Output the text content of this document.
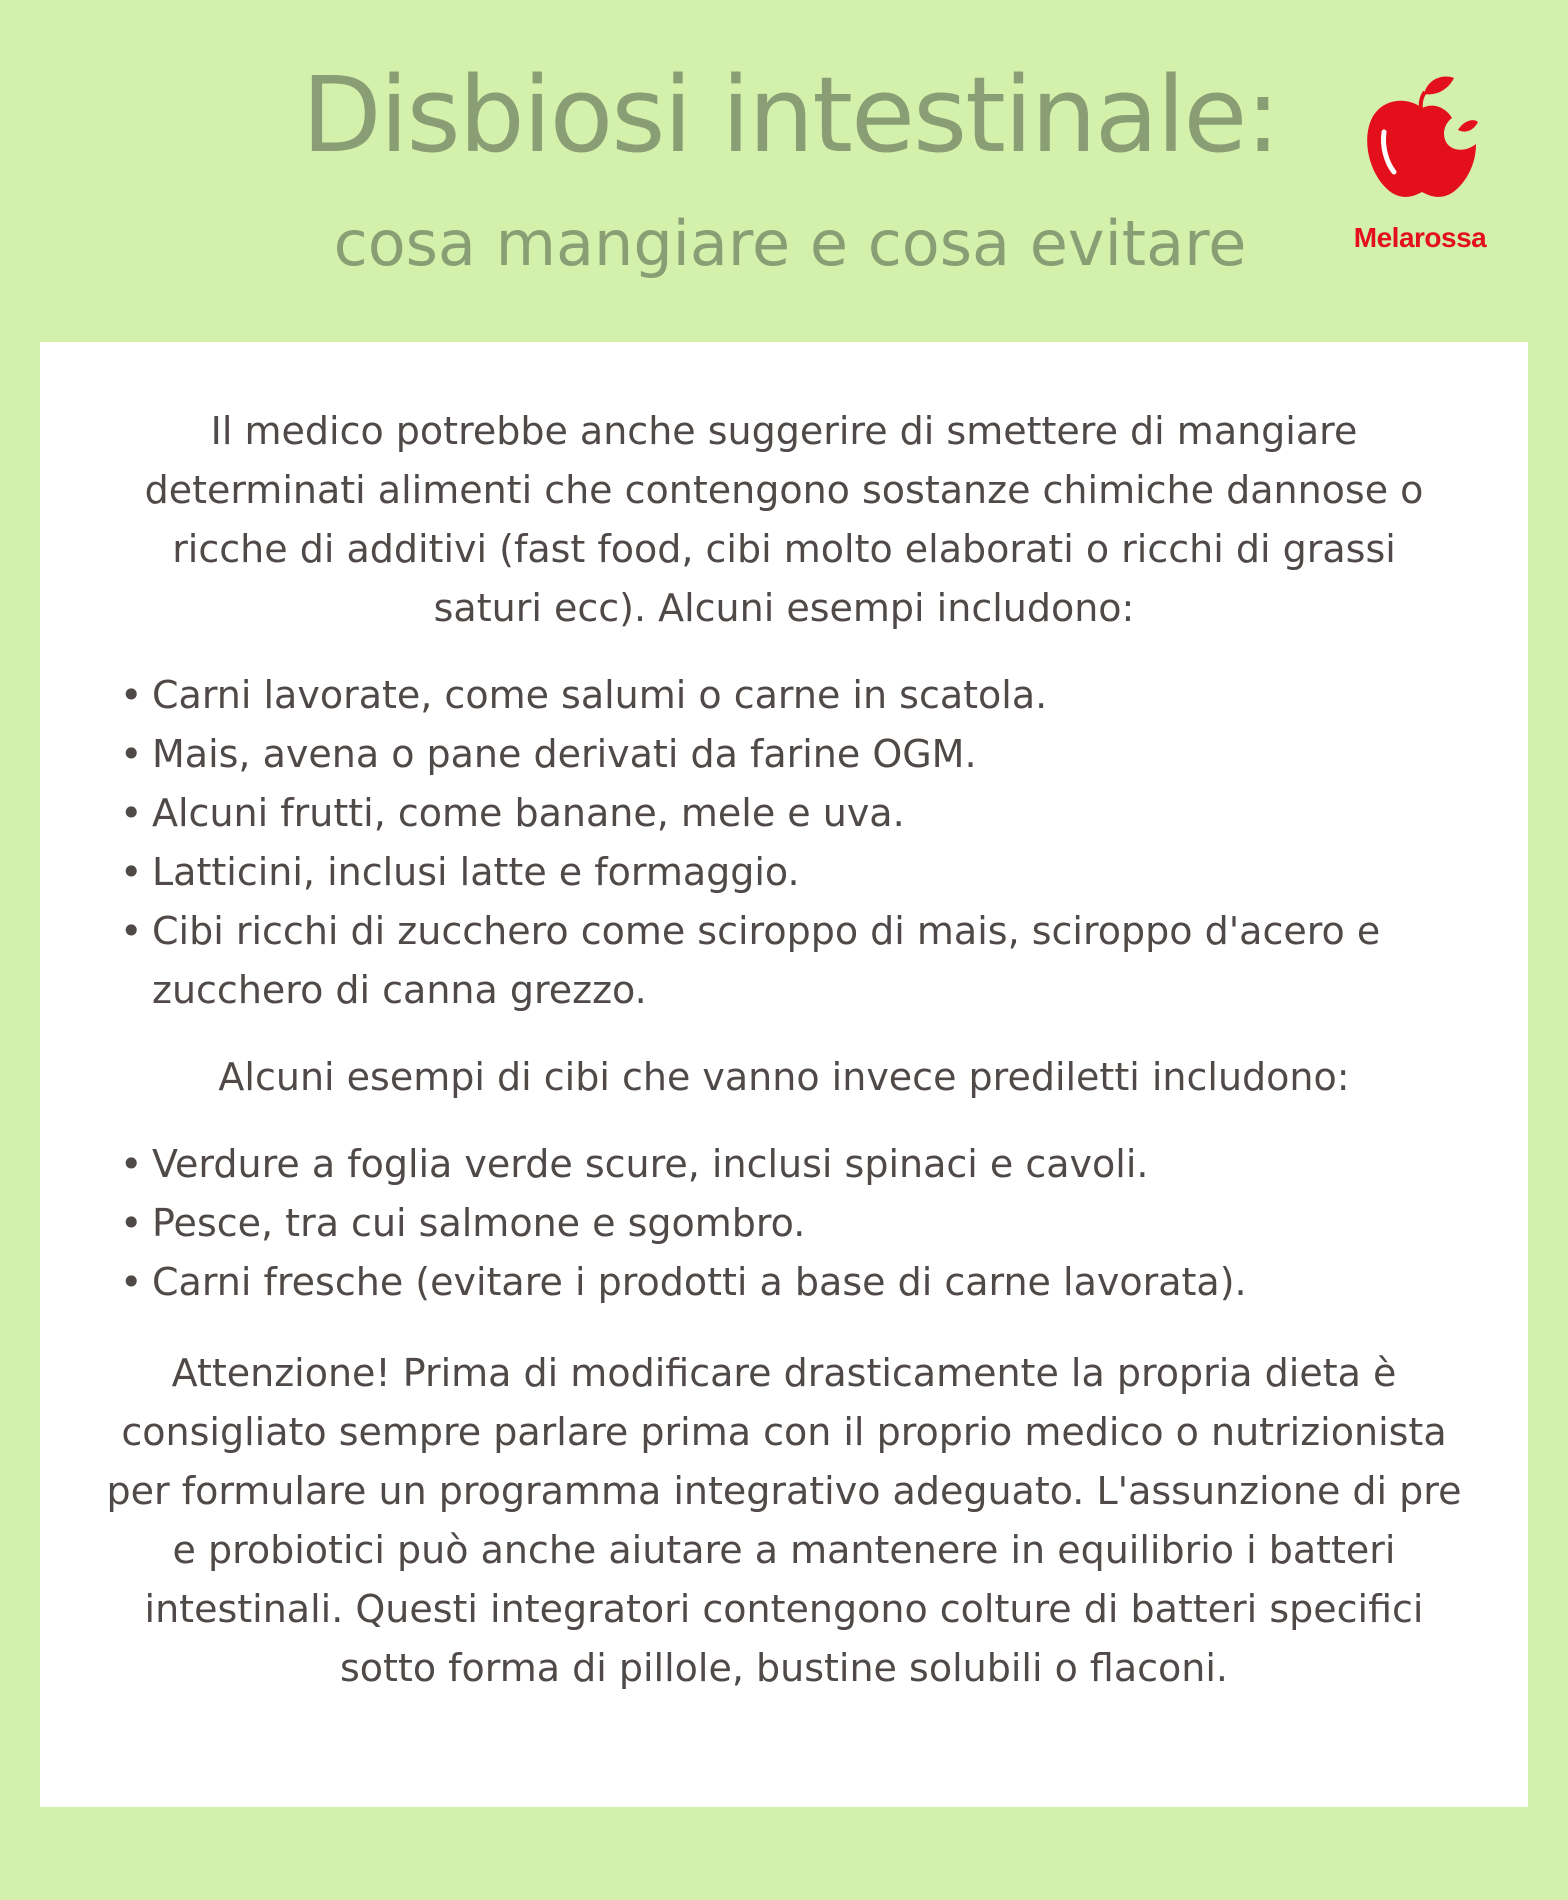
Disbiosi intestinale:
cosa mangiare e cosa evitare	Melarossa

Il medico potrebbe anche suggerire di smettere di mangiare determinati alimenti che contengono sostanze chimiche dannose o ricche di additivi (fast food, cibi molto elaborati o ricchi di grassi saturi ecc). Alcuni esempi includono:

• Carni lavorate, come salumi o carne in scatola.
• Mais, avena o pane derivati da farine OGM.
• Alcuni frutti, come banane, mele e uva.
• Latticini, inclusi latte e formaggio.
• Cibi ricchi di zucchero come sciroppo di mais, sciroppo d'acero e zucchero di canna grezzo.

Alcuni esempi di cibi che vanno invece prediletti includono:

• Verdure a foglia verde scure, inclusi spinaci e cavoli.
• Pesce, tra cui salmone e sgombro.
• Carni fresche (evitare i prodotti a base di carne lavorata).

Attenzione! Prima di modificare drasticamente la propria dieta è consigliato sempre parlare prima con il proprio medico o nutrizionista per formulare un programma integrativo adeguato. L'assunzione di pre e probiotici può anche aiutare a mantenere in equilibrio i batteri intestinali. Questi integratori contengono colture di batteri specifici sotto forma di pillole, bustine solubili o flaconi.
